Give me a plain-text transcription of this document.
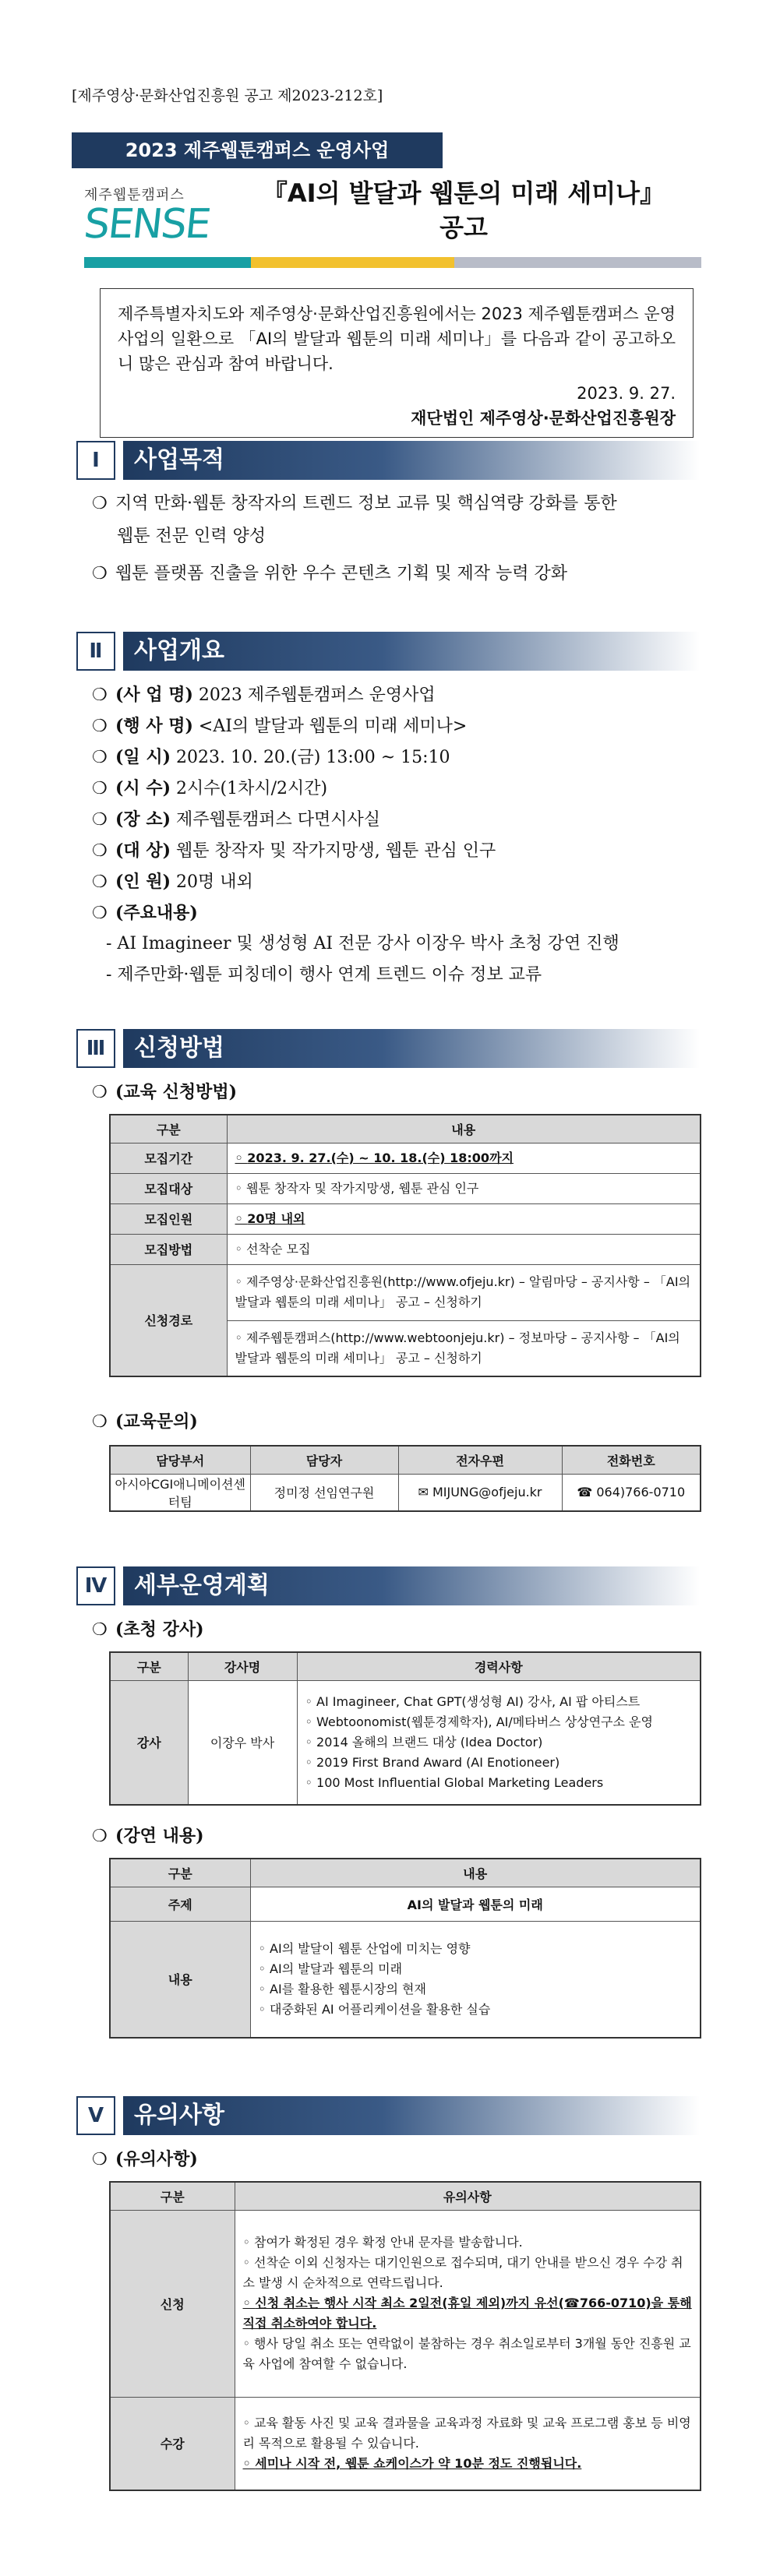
[제주영상·문화산업진흥원 공고 제2023-212호]
2023 제주웹툰캠퍼스 운영사업
제주웹툰캠퍼스
SENSE
『AI의 발달과 웹툰의 미래 세미나』
공고
제주특별자치도와 제주영상·문화산업진흥원에서는 2023 제주웹툰캠퍼스 운영사업의 일환으로 「AI의 발달과 웹툰의 미래 세미나」를 다음과 같이 공고하오니 많은 관심과 참여 바랍니다.
2023. 9. 27.
재단법인 제주영상·문화산업진흥원장
Ⅰ	사업목적
❍ 지역 만화·웹툰 창작자의 트렌드 정보 교류 및 핵심역량 강화를 통한
웹툰 전문 인력 양성
❍ 웹툰 플랫폼 진출을 위한 우수 콘텐츠 기획 및 제작 능력 강화
Ⅱ	사업개요
❍ (사 업 명) 2023 제주웹툰캠퍼스 운영사업
❍ (행 사 명) <AI의 발달과 웹툰의 미래 세미나>
❍ (일 시) 2023. 10. 20.(금) 13:00 ~ 15:10
❍ (시 수) 2시수(1차시/2시간)
❍ (장 소) 제주웹툰캠퍼스 다면시사실
❍ (대 상) 웹툰 창작자 및 작가지망생, 웹툰 관심 인구
❍ (인 원) 20명 내외
❍ (주요내용)
- AI Imagineer 및 생성형 AI 전문 강사 이장우 박사 초청 강연 진행
- 제주만화·웹툰 피칭데이 행사 연계 트렌드 이슈 정보 교류
Ⅲ	신청방법
❍ (교육 신청방법)
구분	내용
모집기간	◦ 2023. 9. 27.(수) ~ 10. 18.(수) 18:00까지
모집대상	◦ 웹툰 창작자 및 작가지망생, 웹툰 관심 인구
모집인원	◦ 20명 내외
모집방법	◦ 선착순 모집
신청경로	◦ 제주영상·문화산업진흥원(http://www.ofjeju.kr) – 알림마당 – 공지사항 – 「AI의 발달과 웹툰의 미래 세미나」 공고 – 신청하기

	◦ 제주웹툰캠퍼스(http://www.webtoonjeju.kr) – 정보마당 – 공지사항 – 「AI의 발달과 웹툰의 미래 세미나」 공고 – 신청하기
❍ (교육문의)
담당부서	담당자	전자우편	전화번호
아시아CGI애니메이션센터팀	정미정 선임연구원	✉ MIJUNG@ofjeju.kr	☎ 064)766-0710
Ⅳ	세부운영계획
❍ (초청 강사)
구분	강사명	경력사항
강사	이장우 박사	◦ AI Imagineer, Chat GPT(생성형 AI) 강사, AI 팝 아티스트
◦ Webtoonomist(웹툰경제학자), AI/메타버스 상상연구소 운영
◦ 2014 올해의 브랜드 대상 (Idea Doctor)
◦ 2019 First Brand Award (AI Enotioneer)
◦ 100 Most Influential Global Marketing Leaders
❍ (강연 내용)
구분	내용
주제	AI의 발달과 웹툰의 미래
내용	◦ AI의 발달이 웹툰 산업에 미치는 영향
◦ AI의 발달과 웹툰의 미래
◦ AI를 활용한 웹툰시장의 현재
◦ 대중화된 AI 어플리케이션을 활용한 실습
Ⅴ	유의사항
❍ (유의사항)
구분	유의사항
신청	◦ 참여가 확정된 경우 확정 안내 문자를 발송합니다.
◦ 선착순 이외 신청자는 대기인원으로 접수되며, 대기 안내를 받으신 경우 수강 취소 발생 시 순차적으로 연락드립니다.
◦ 신청 취소는 행사 시작 최소 2일전(휴일 제외)까지 유선(☎766-0710)을 통해 직접 취소하여야 합니다.
◦ 행사 당일 취소 또는 연락없이 불참하는 경우 취소일로부터 3개월 동안 진흥원 교육 사업에 참여할 수 없습니다.

수강	◦ 교육 활동 사진 및 교육 결과물을 교육과정 자료화 및 교육 프로그램 홍보 등 비영리 목적으로 활용될 수 있습니다.
◦ 세미나 시작 전, 웹툰 쇼케이스가 약 10분 정도 진행됩니다.
